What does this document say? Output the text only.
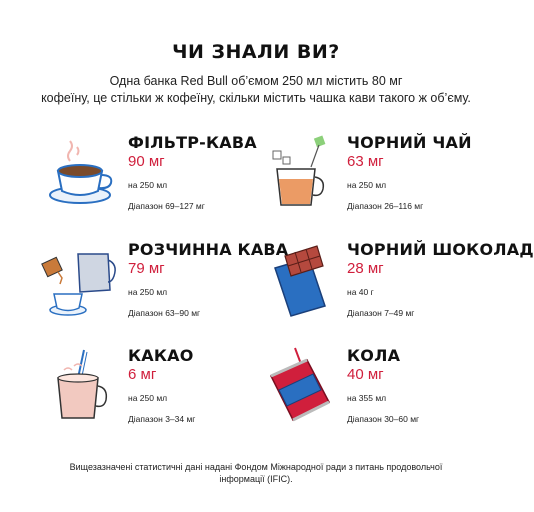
ЧИ ЗНАЛИ ВИ?
Одна банка Red Bull об’ємом 250 мл містить 80 мг
кофеїну, це стільки ж кофеїну, скільки містить чашка кави такого ж об’єму.
ФІЛЬТР-КАВА
90 мг
на 250 мл
Діапазон 69–127 мг
ЧОРНИЙ ЧАЙ
63 мг
на 250 мл
Діапазон 26–116 мг
РОЗЧИННА КАВА
79 мг
на 250 мл
Діапазон 63–90 мг
ЧОРНИЙ ШОКОЛАД
28 мг
на 40 г
Діапазон 7–49 мг
КАКАО
6 мг
на 250 мл
Діапазон 3–34 мг
КОЛА
40 мг
на 355 мл
Діапазон 30–60 мг
Вищезазначені статистичні дані надані Фондом Міжнародної ради з питань продовольчої
інформації (IFIC).
